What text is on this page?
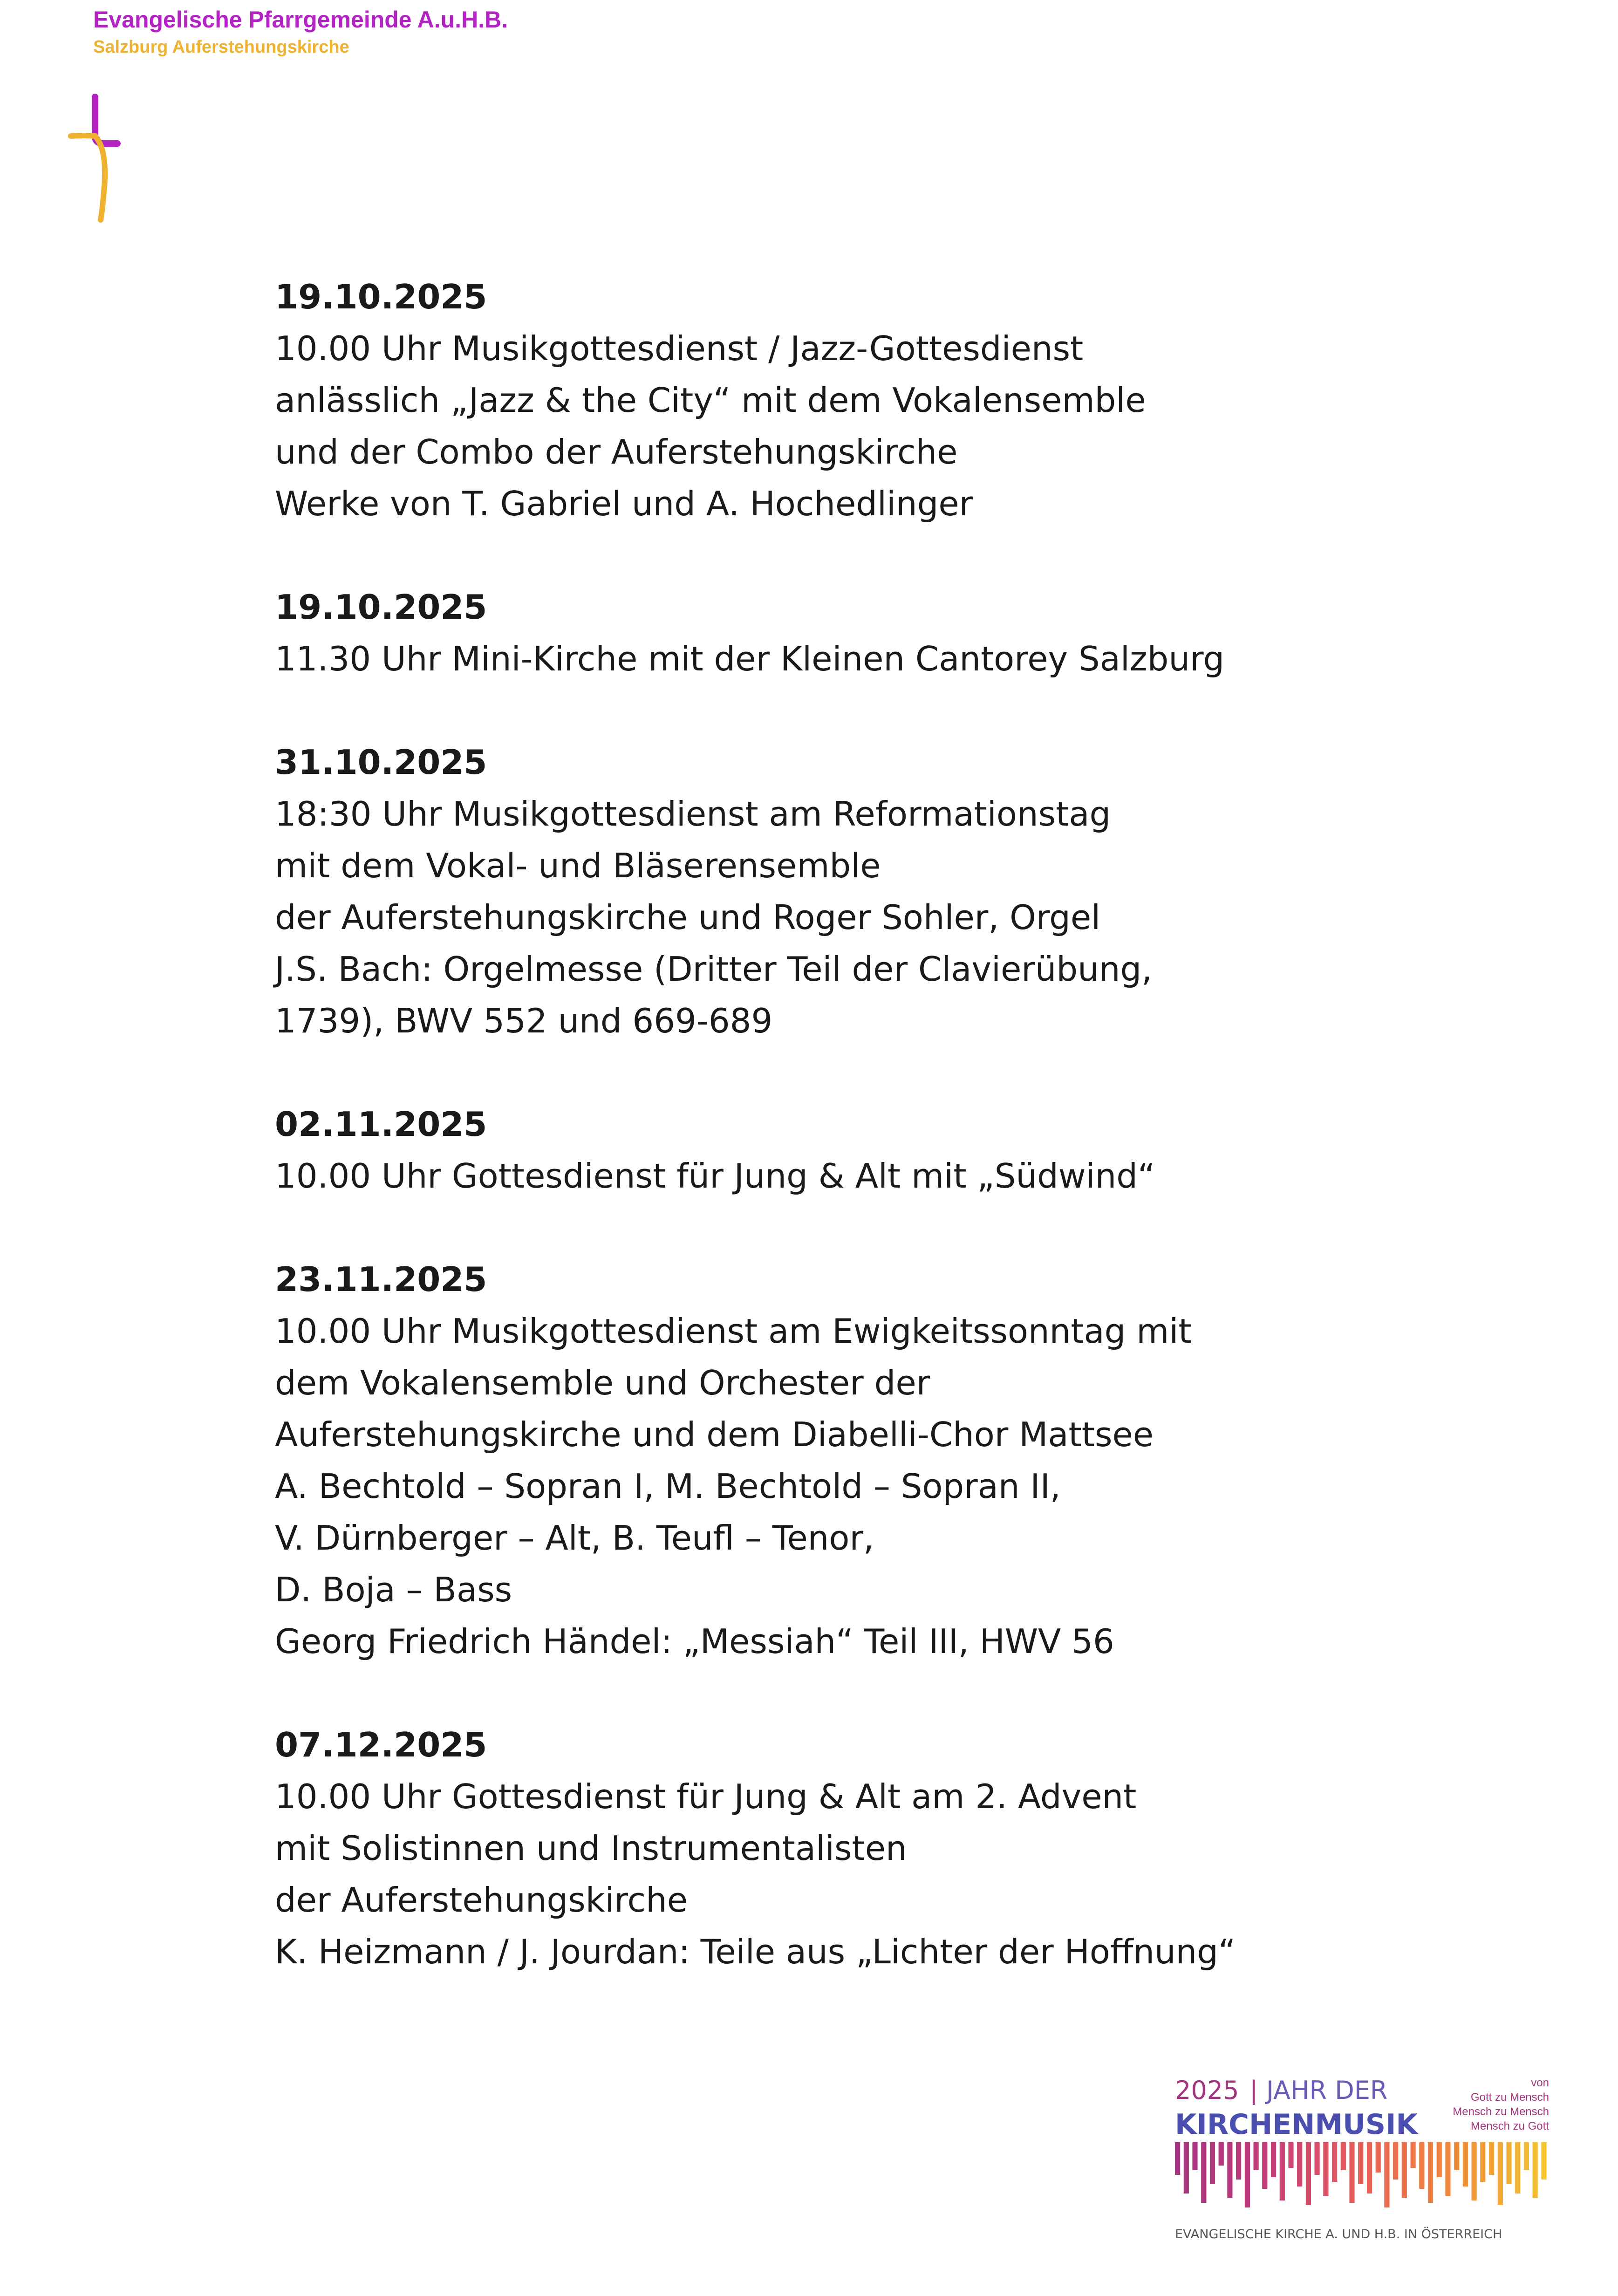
Evangelische Pfarrgemeinde A.u.H.B.
Salzburg Auferstehungskirche
19.10.2025
10.00 Uhr Musikgottesdienst / Jazz-Gottesdienst
anlässlich „Jazz & the City“ mit dem Vokalensemble
und der Combo der Auferstehungskirche
Werke von T. Gabriel und A. Hochedlinger
19.10.2025
11.30 Uhr Mini-Kirche mit der Kleinen Cantorey Salzburg
31.10.2025
18:30 Uhr Musikgottesdienst am Reformationstag
mit dem Vokal- und Bläserensemble
der Auferstehungskirche und Roger Sohler, Orgel
J.S. Bach: Orgelmesse (Dritter Teil der Clavierübung,
1739), BWV 552 und 669-689
02.11.2025
10.00 Uhr Gottesdienst für Jung & Alt mit „Südwind“
23.11.2025
10.00 Uhr Musikgottesdienst am Ewigkeitssonntag mit
dem Vokalensemble und Orchester der
Auferstehungskirche und dem Diabelli-Chor Mattsee
A. Bechtold – Sopran I, M. Bechtold – Sopran II,
V. Dürnberger – Alt, B. Teufl – Tenor,
D. Boja – Bass
Georg Friedrich Händel: „Messiah“ Teil III, HWV 56
07.12.2025
10.00 Uhr Gottesdienst für Jung & Alt am 2. Advent
mit Solistinnen und Instrumentalisten
der Auferstehungskirche
K. Heizmann / J. Jourdan: Teile aus „Lichter der Hoffnung“
2025 | JAHR DER
KIRCHENMUSIK
von
Gott zu Mensch
Mensch zu Mensch
Mensch zu Gott
EVANGELISCHE KIRCHE A. UND H.B. IN ÖSTERREICH
